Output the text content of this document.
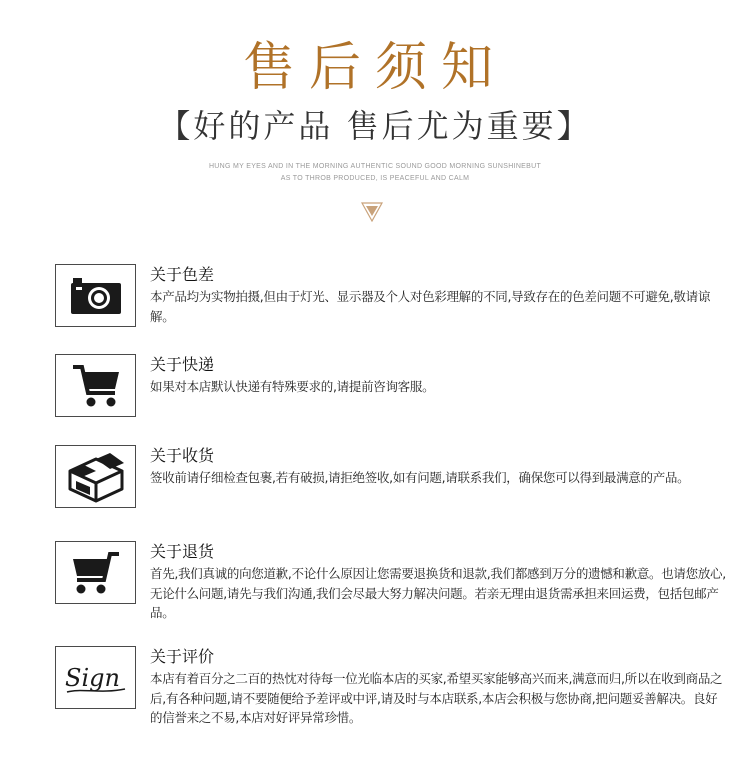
售后须知
【好的产品 售后尤为重要】
HUNG MY EYES AND IN THE MORNING AUTHENTIC SOUND GOOD MORNING SUNSHINEBUT
AS TO THROB PRODUCED, IS PEACEFUL AND CALM
关于色差
本产品均为实物拍摄,但由于灯光、显示器及个人对色彩理解的不同,导致存在的色差问题不可避免,敬请谅解。
关于快递
如果对本店默认快递有特殊要求的,请提前咨询客服。
关于收货
签收前请仔细检查包裹,若有破损,请拒绝签收,如有问题,请联系我们，确保您可以得到最满意的产品。
关于退货
首先,我们真诚的向您道歉,不论什么原因让您需要退换货和退款,我们都感到万分的遗憾和歉意。也请您放心,无论什么问题,请先与我们沟通,我们会尽最大努力解决问题。若亲无理由退货需承担来回运费，包括包邮产品。
Sign
关于评价
本店有着百分之二百的热忱对待每一位光临本店的买家,希望买家能够高兴而来,满意而归,所以在收到商品之后,有各种问题,请不要随便给予差评或中评,请及时与本店联系,本店会积极与您协商,把问题妥善解决。良好的信誉来之不易,本店对好评异常珍惜。
